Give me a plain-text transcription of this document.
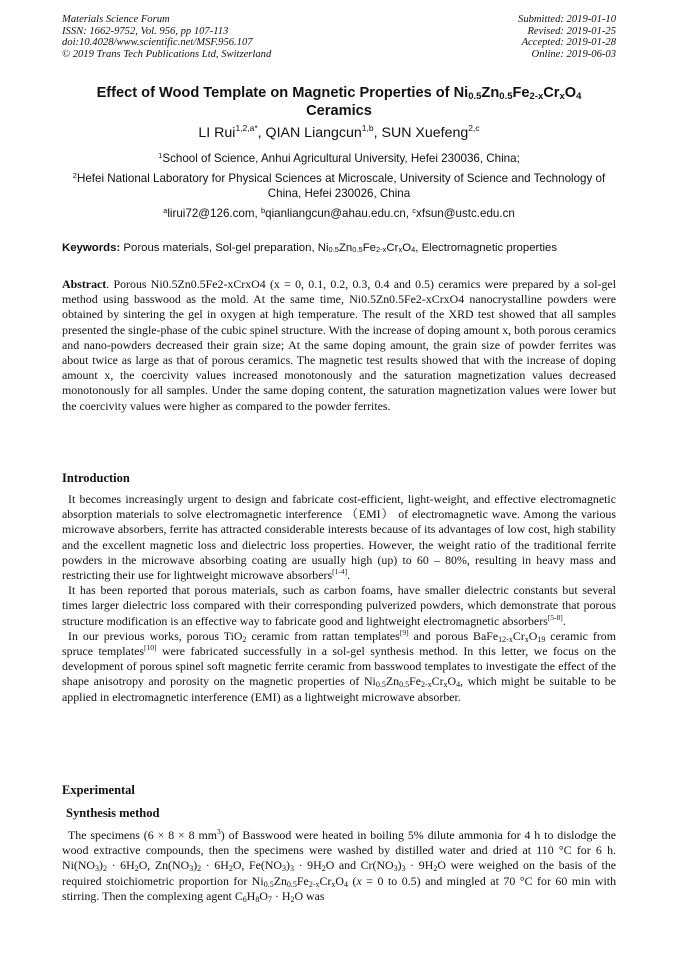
Materials Science Forum
ISSN: 1662-9752, Vol. 956, pp 107-113
doi:10.4028/www.scientific.net/MSF.956.107
© 2019 Trans Tech Publications Ltd, Switzerland
Submitted: 2019-01-10
Revised: 2019-01-25
Accepted: 2019-01-28
Online: 2019-06-03
Effect of Wood Template on Magnetic Properties of $Ni_{0.5}Zn_{0.5}Fe_{2-x}Cr_xO_4$
Ceramics
LI Rui$^{1,2,a*}$, QIAN Liangcun$^{1,b}$, SUN Xuefeng$^{2,c}$
$^1$School of Science, Anhui Agricultural University, Hefei 230036, China;
$^2$Hefei National Laboratory for Physical Sciences at Microscale, University of Science and Technology of China, Hefei 230026, China
$^a$lirui72@126.com, $^b$qianliangcun@ahau.edu.cn, $^c$xfsun@ustc.edu.cn
Keywords: Porous materials, Sol-gel preparation, $Ni_{0.5}Zn_{0.5}Fe_{2-x}Cr_xO_4$, Electromagnetic properties

Abstract. Porous Ni0.5Zn0.5Fe2-xCrxO4 (x = 0, 0.1, 0.2, 0.3, 0.4 and 0.5) ceramics were prepared by a sol-gel method using basswood as the mold. At the same time, Ni0.5Zn0.5Fe2-xCrxO4 nanocrystalline powders were obtained by sintering the gel in oxygen at high temperature. The result of the XRD test showed that all samples presented the single-phase of the cubic spinel structure. With the increase of doping amount x, both porous ceramics and nano-powders decreased their grain size; At the same doping amount, the grain size of powder ferrites was about twice as large as that of porous ceramics. The magnetic test results showed that with the increase of doping amount x, the coercivity values increased monotonously and the saturation magnetization values decreased monotonously for all samples. Under the same doping content, the saturation magnetization values were lower but the coercivity values were higher as compared to the powder ferrites.

Introduction

It becomes increasingly urgent to design and fabricate cost-efficient, light-weight, and effective electromagnetic absorption materials to solve electromagnetic interference （EMI） of electromagnetic wave. Among the various microwave absorbers, ferrite has attracted considerable interests because of its advantages of low cost, high stability and the excellent magnetic loss and dielectric loss properties. However, the weight ratio of the traditional ferrite powders in the microwave absorbing coating are usually high (up) to 60 – 80%, resulting in heavy mass and restricting their use for lightweight microwave absorbers[1-4].

It has been reported that porous materials, such as carbon foams, have smaller dielectric constants but several times larger dielectric loss compared with their corresponding pulverized powders, which demonstrate that porous structure modification is an effective way to fabricate good and lightweight electromagnetic absorbers[5-8].

In our previous works, porous TiO$_2$ ceramic from rattan templates[9] and porous $BaFe_{12-x}Cr_xO_{19}$ ceramic from spruce templates[10] were fabricated successfully in a sol-gel synthesis method. In this letter, we focus on the development of porous spinel soft magnetic ferrite ceramic from basswood templates to investigate the effect of the shape anisotropy and porosity on the magnetic properties of $Ni_{0.5}Zn_{0.5}Fe_{2-x}Cr_xO_4$, which might be suitable to be applied in electromagnetic interference (EMI) as a lightweight microwave absorber.

Experimental
Synthesis method

The specimens (6 × 8 × 8 $mm^3$) of Basswood were heated in boiling 5% dilute ammonia for 4 h to dislodge the wood extractive compounds, then the specimens were washed by distilled water and dried at 110 °C for 6 h. $Ni(NO_3)_2 \cdot 6H_2O$, $Zn(NO_3)_2 \cdot 6H_2O$, $Fe(NO_3)_3 \cdot 9H_2O$ and $Cr(NO_3)_3 \cdot 9H_2O$ were weighed on the basis of the required stoichiometric proportion for $Ni_{0.5}Zn_{0.5}Fe_{2-x}Cr_xO_4$ (x = 0 to 0.5) and mingled at 70 °C for 60 min with stirring. Then the complexing agent $C_6H_8O_7 \cdot H_2O$ was
